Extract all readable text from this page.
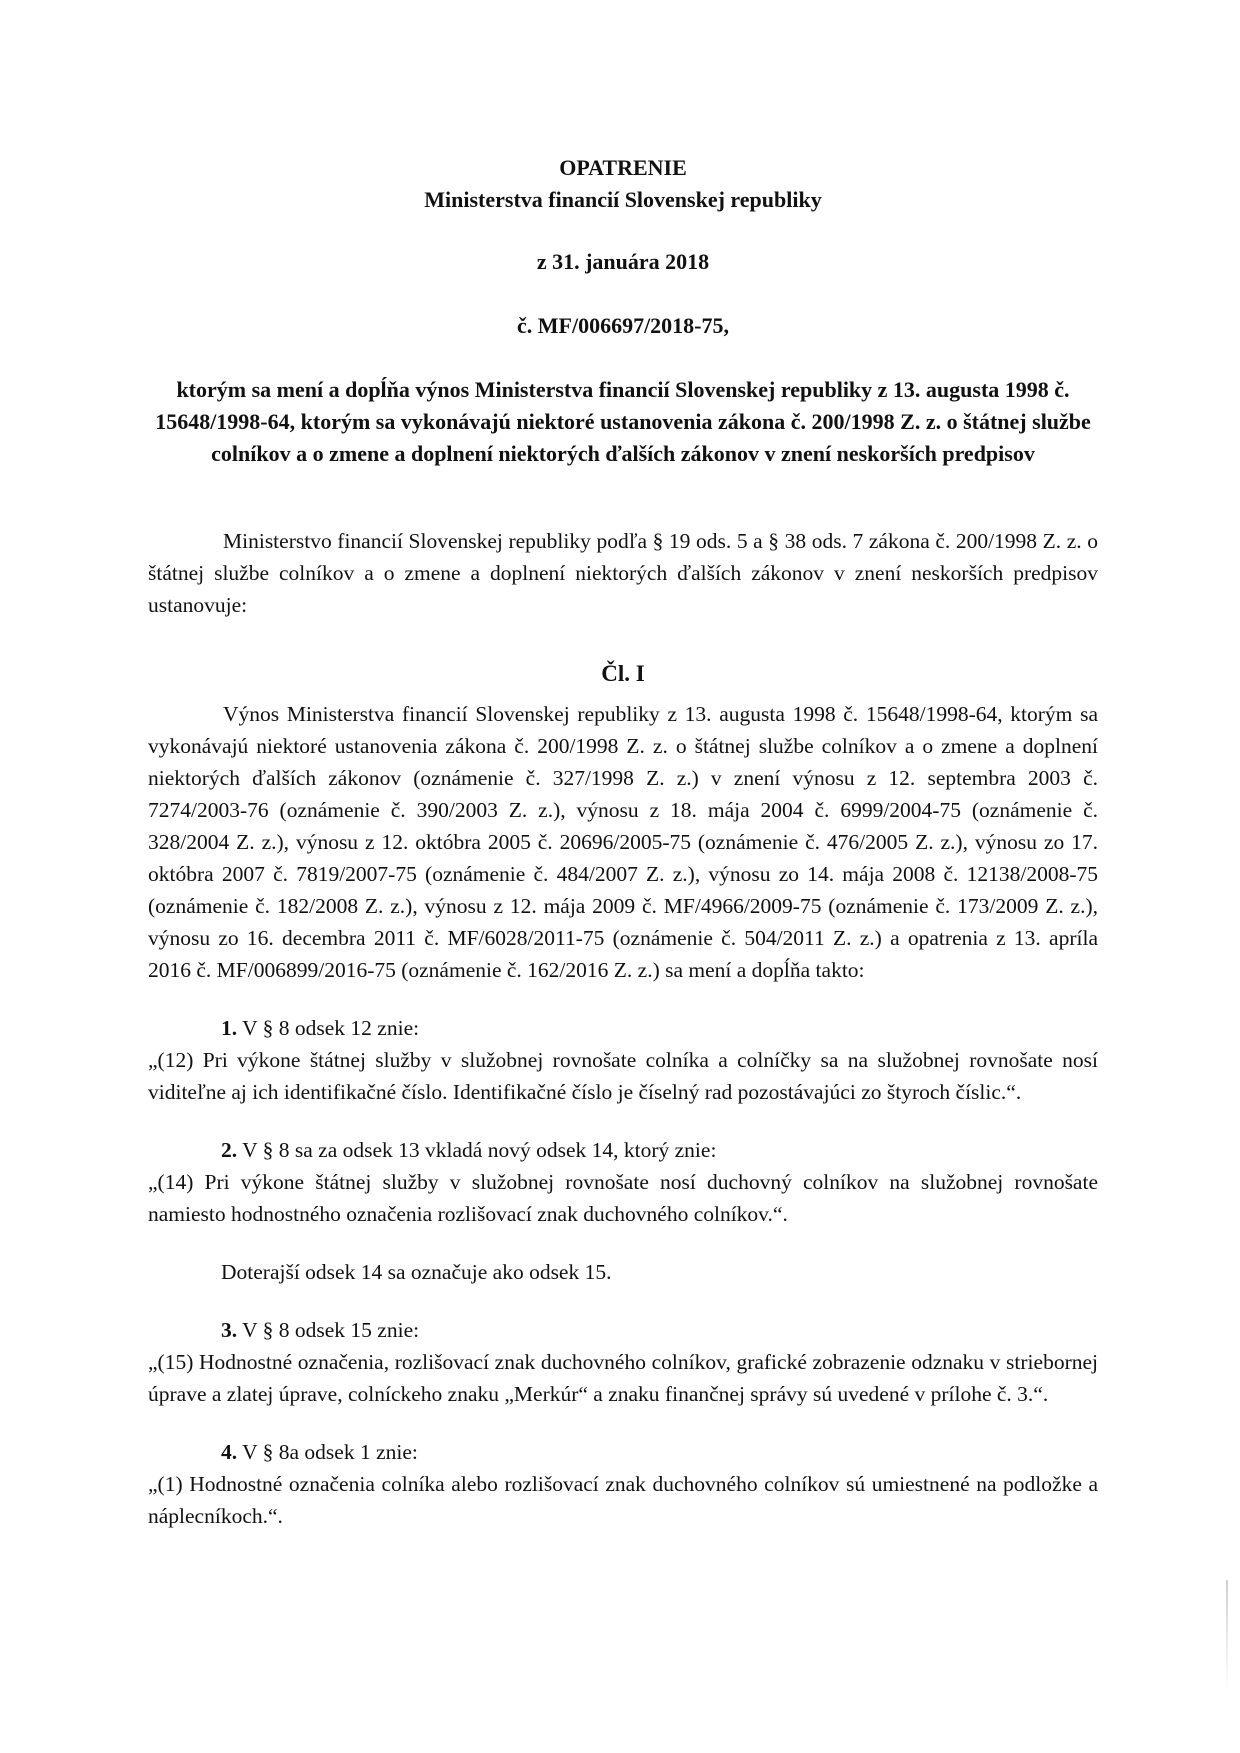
OPATRENIE

Ministerstva financií Slovenskej republiky

z 31. januára 2018

č. MF/006697/2018-75,

ktorým sa mení a dopĺňa výnos Ministerstva financií Slovenskej republiky z 13. augusta 1998 č. 15648/1998-64, ktorým sa vykonávajú niektoré ustanovenia zákona č. 200/1998 Z. z. o štátnej službe colníkov a o zmene a doplnení niektorých ďalších zákonov v znení neskorších predpisov

Ministerstvo financií Slovenskej republiky podľa § 19 ods. 5 a § 38 ods. 7 zákona č. 200/1998 Z. z. o štátnej službe colníkov a o zmene a doplnení niektorých ďalších zákonov v znení neskorších predpisov ustanovuje:

Čl. I

Výnos Ministerstva financií Slovenskej republiky z 13. augusta 1998 č. 15648/1998-64, ktorým sa vykonávajú niektoré ustanovenia zákona č. 200/1998 Z. z. o štátnej službe colníkov a o zmene a doplnení niektorých ďalších zákonov (oznámenie č. 327/1998 Z. z.) v znení výnosu z 12. septembra 2003 č. 7274/2003-76 (oznámenie č. 390/2003 Z. z.), výnosu z 18. mája 2004 č. 6999/2004-75 (oznámenie č. 328/2004 Z. z.), výnosu z 12. októbra 2005 č. 20696/2005-75 (oznámenie č. 476/2005 Z. z.), výnosu zo 17. októbra 2007 č. 7819/2007-75 (oznámenie č. 484/2007 Z. z.), výnosu zo 14. mája 2008 č. 12138/2008-75 (oznámenie č. 182/2008 Z. z.), výnosu z 12. mája 2009 č. MF/4966/2009-75 (oznámenie č. 173/2009 Z. z.), výnosu zo 16. decembra 2011 č. MF/6028/2011-75 (oznámenie č. 504/2011 Z. z.) a opatrenia z 13. apríla 2016 č. MF/006899/2016-75 (oznámenie č. 162/2016 Z. z.) sa mení a dopĺňa takto:

1. V § 8 odsek 12 znie:

„(12) Pri výkone štátnej služby v služobnej rovnošate colníka a colníčky sa na služobnej rovnošate nosí viditeľne aj ich identifikačné číslo. Identifikačné číslo je číselný rad pozostávajúci zo štyroch číslic.“.

2. V § 8 sa za odsek 13 vkladá nový odsek 14, ktorý znie:

„(14) Pri výkone štátnej služby v služobnej rovnošate nosí duchovný colníkov na služobnej rovnošate namiesto hodnostného označenia rozlišovací znak duchovného colníkov.“.

Doterajší odsek 14 sa označuje ako odsek 15.

3. V § 8 odsek 15 znie:

„(15) Hodnostné označenia, rozlišovací znak duchovného colníkov, grafické zobrazenie odznaku v striebornej úprave a zlatej úprave, colníckeho znaku „Merkúr“ a znaku finančnej správy sú uvedené v prílohe č. 3.“.

4. V § 8a odsek 1 znie:

„(1) Hodnostné označenia colníka alebo rozlišovací znak duchovného colníkov sú umiestnené na podložke a náplecníkoch.“.
